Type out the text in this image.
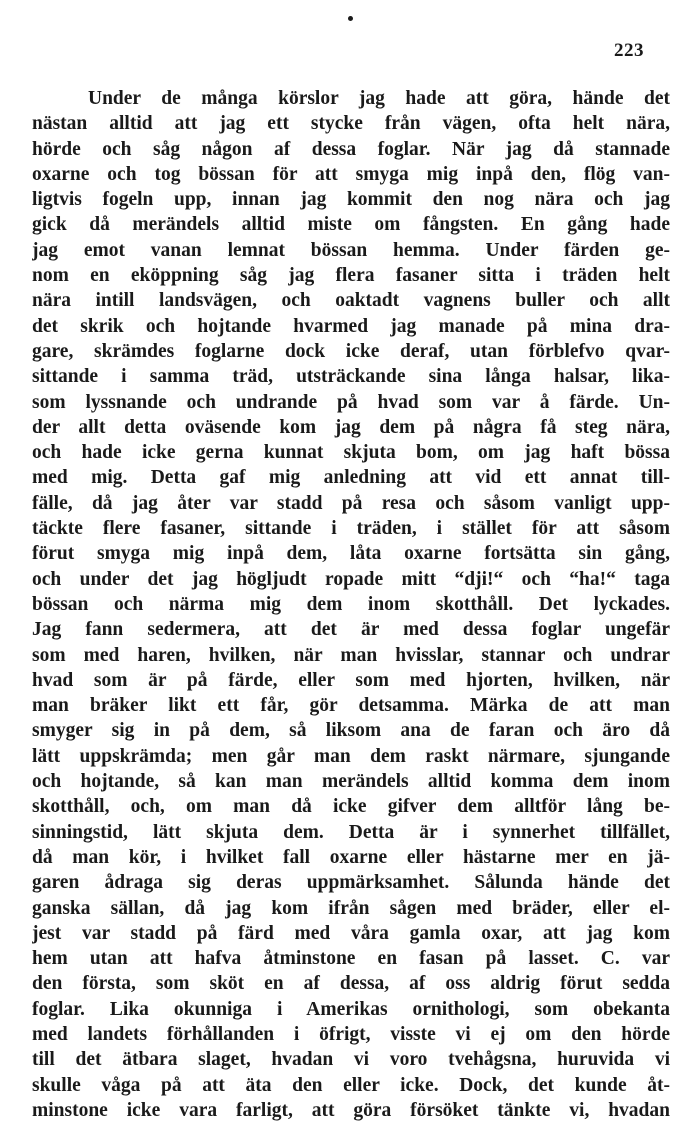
223
Under de många körslor jag hade att göra, hände det
nästan alltid att jag ett stycke från vägen, ofta helt nära,
hörde och såg någon af dessa foglar. När jag då stannade
oxarne och tog bössan för att smyga mig inpå den, flög van-
ligtvis fogeln upp, innan jag kommit den nog nära och jag
gick då merändels alltid miste om fångsten. En gång hade
jag emot vanan lemnat bössan hemma. Under färden ge-
nom en eköppning såg jag flera fasaner sitta i träden helt
nära intill landsvägen, och oaktadt vagnens buller och allt
det skrik och hojtande hvarmed jag manade på mina dra-
gare, skrämdes foglarne dock icke deraf, utan förblefvo qvar-
sittande i samma träd, utsträckande sina långa halsar, lika-
som lyssnande och undrande på hvad som var å färde. Un-
der allt detta oväsende kom jag dem på några få steg nära,
och hade icke gerna kunnat skjuta bom, om jag haft bössa
med mig. Detta gaf mig anledning att vid ett annat till-
fälle, då jag åter var stadd på resa och såsom vanligt upp-
täckte flere fasaner, sittande i träden, i stället för att såsom
förut smyga mig inpå dem, låta oxarne fortsätta sin gång,
och under det jag högljudt ropade mitt “dji!“ och “ha!“ taga
bössan och närma mig dem inom skotthåll. Det lyckades.
Jag fann sedermera, att det är med dessa foglar ungefär
som med haren, hvilken, när man hvisslar, stannar och undrar
hvad som är på färde, eller som med hjorten, hvilken, när
man bräker likt ett får, gör detsamma. Märka de att man
smyger sig in på dem, så liksom ana de faran och äro då
lätt uppskrämda; men går man dem raskt närmare, sjungande
och hojtande, så kan man merändels alltid komma dem inom
skotthåll, och, om man då icke gifver dem alltför lång be-
sinningstid, lätt skjuta dem. Detta är i synnerhet tillfället,
då man kör, i hvilket fall oxarne eller hästarne mer en jä-
garen ådraga sig deras uppmärksamhet. Sålunda hände det
ganska sällan, då jag kom ifrån sågen med bräder, eller el-
jest var stadd på färd med våra gamla oxar, att jag kom
hem utan att hafva åtminstone en fasan på lasset. C. var
den första, som sköt en af dessa, af oss aldrig förut sedda
foglar. Lika okunniga i Amerikas ornithologi, som obekanta
med landets förhållanden i öfrigt, visste vi ej om den hörde
till det ätbara slaget, hvadan vi voro tvehågsna, huruvida vi
skulle våga på att äta den eller icke. Dock, det kunde åt-
minstone icke vara farligt, att göra försöket tänkte vi, hvadan
